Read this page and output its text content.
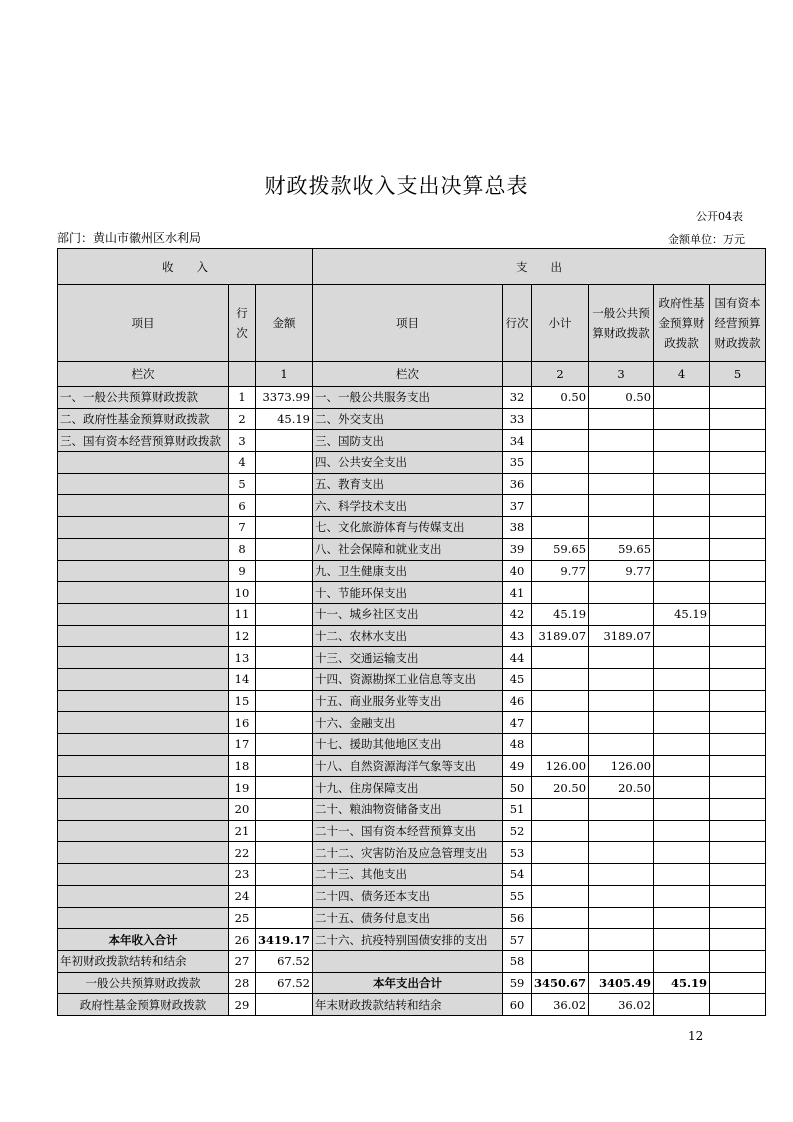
财政拨款收入支出决算总表
公开04表
部门：黄山市徽州区水利局	金额单位：万元
收　　入			支　　出					
项目	行次	金额	项目	行次	小计	一般公共预算财政拨款	政府性基金预算财政拨款	国有资本经营预算财政拨款
栏次		1	栏次		2	3	4	5
一、一般公共预算财政拨款	1	3373.99	一、一般公共服务支出	32	0.50	0.50		
二、政府性基金预算财政拨款	2	45.19	二、外交支出	33				
三、国有资本经营预算财政拨款	3		三、国防支出	34				
	4		四、公共安全支出	35				
	5		五、教育支出	36				
	6		六、科学技术支出	37				
	7		七、文化旅游体育与传媒支出	38				
	8		八、社会保障和就业支出	39	59.65	59.65		
	9		九、卫生健康支出	40	9.77	9.77		
	10		十、节能环保支出	41				
	11		十一、城乡社区支出	42	45.19		45.19	
	12		十二、农林水支出	43	3189.07	3189.07		
	13		十三、交通运输支出	44				
	14		十四、资源勘探工业信息等支出	45				
	15		十五、商业服务业等支出	46				
	16		十六、金融支出	47				
	17		十七、援助其他地区支出	48				
	18		十八、自然资源海洋气象等支出	49	126.00	126.00		
	19		十九、住房保障支出	50	20.50	20.50		
	20		二十、粮油物资储备支出	51				
	21		二十一、国有资本经营预算支出	52				
	22		二十二、灾害防治及应急管理支出	53				
	23		二十三、其他支出	54				
	24		二十四、债务还本支出	55				
	25		二十五、债务付息支出	56				
本年收入合计	26	3419.17	二十六、抗疫特别国债安排的支出	57				
年初财政拨款结转和结余	27	67.52		58				
一般公共预算财政拨款	28	67.52	本年支出合计	59	3450.67	3405.49	45.19	
政府性基金预算财政拨款	29		年末财政拨款结转和结余	60	36.02	36.02		
12
